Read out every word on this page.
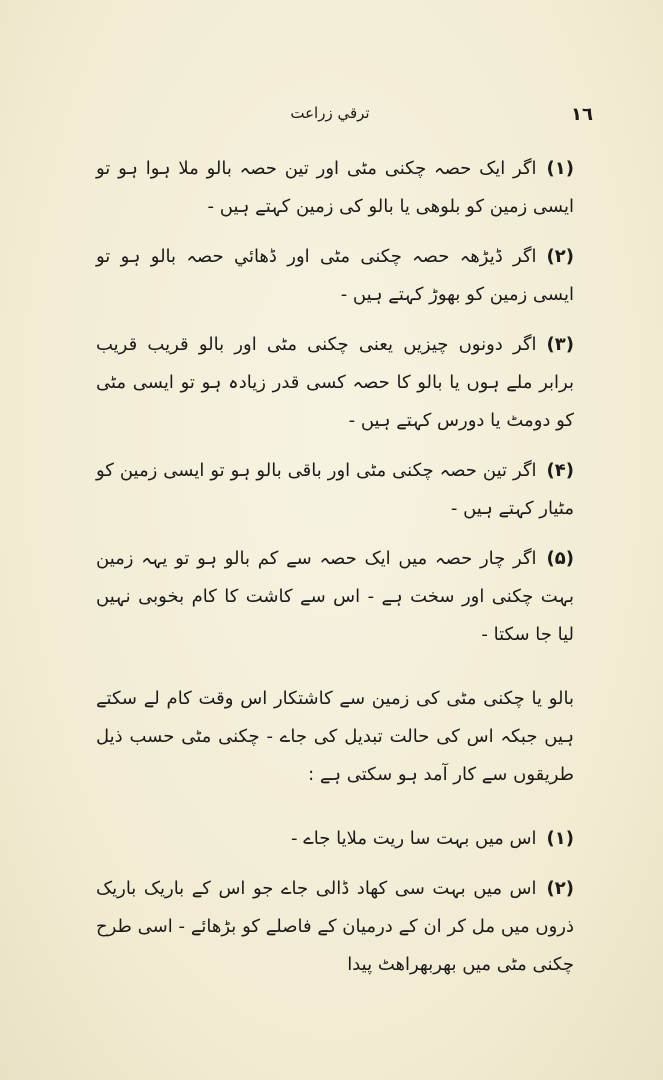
ترقي زراعت	١٦

(۱)اگر ایک حصہ چکنی مٹی اور تین حصہ بالو ملا ہوا ہو تو ایسی زمین کو بلوھی یا بالو کی زمین کہتے ہیں -

(۲)اگر ڈیڑھہ حصہ چکنی مٹی اور ڈھائي حصہ بالو ہو تو ایسی زمین کو بھوڑ کہتے ہیں -

(۳)اگر دونوں چیزیں یعنی چکنی مٹی اور بالو قریب قریب برابر ملے ہوں یا بالو کا حصہ کسی قدر زیادہ ہو تو ایسی مٹی کو دومٹ یا دورس کہتے ہیں -

(۴)اگر تین حصہ چکنی مٹی اور باقی بالو ہو تو ایسی زمین کو مٹیار کہتے ہیں -

(۵)اگر چار حصہ میں ایک حصہ سے کم بالو ہو تو یہہ زمین بہت چکنی اور سخت ہے - اس سے کاشت کا کام بخوبی نہیں لیا جا سکتا -

بالو یا چکنی مٹی کی زمین سے کاشتکار اس وقت کام لے سکتے ہیں جبکہ اس کی حالت تبدیل کی جاے - چکنی مٹی حسب ذیل طریقوں سے کار آمد ہو سکتی ہے :

(۱)اس میں بہت سا ریت ملایا جاے -

(۲)اس میں بہت سی کھاد ڈالی جاے جو اس کے باریک باریک ذروں میں مل کر ان کے درمیان کے فاصلے کو بڑھائے - اسی طرح چکنی مٹی میں بھربھراھٹ پیدا
